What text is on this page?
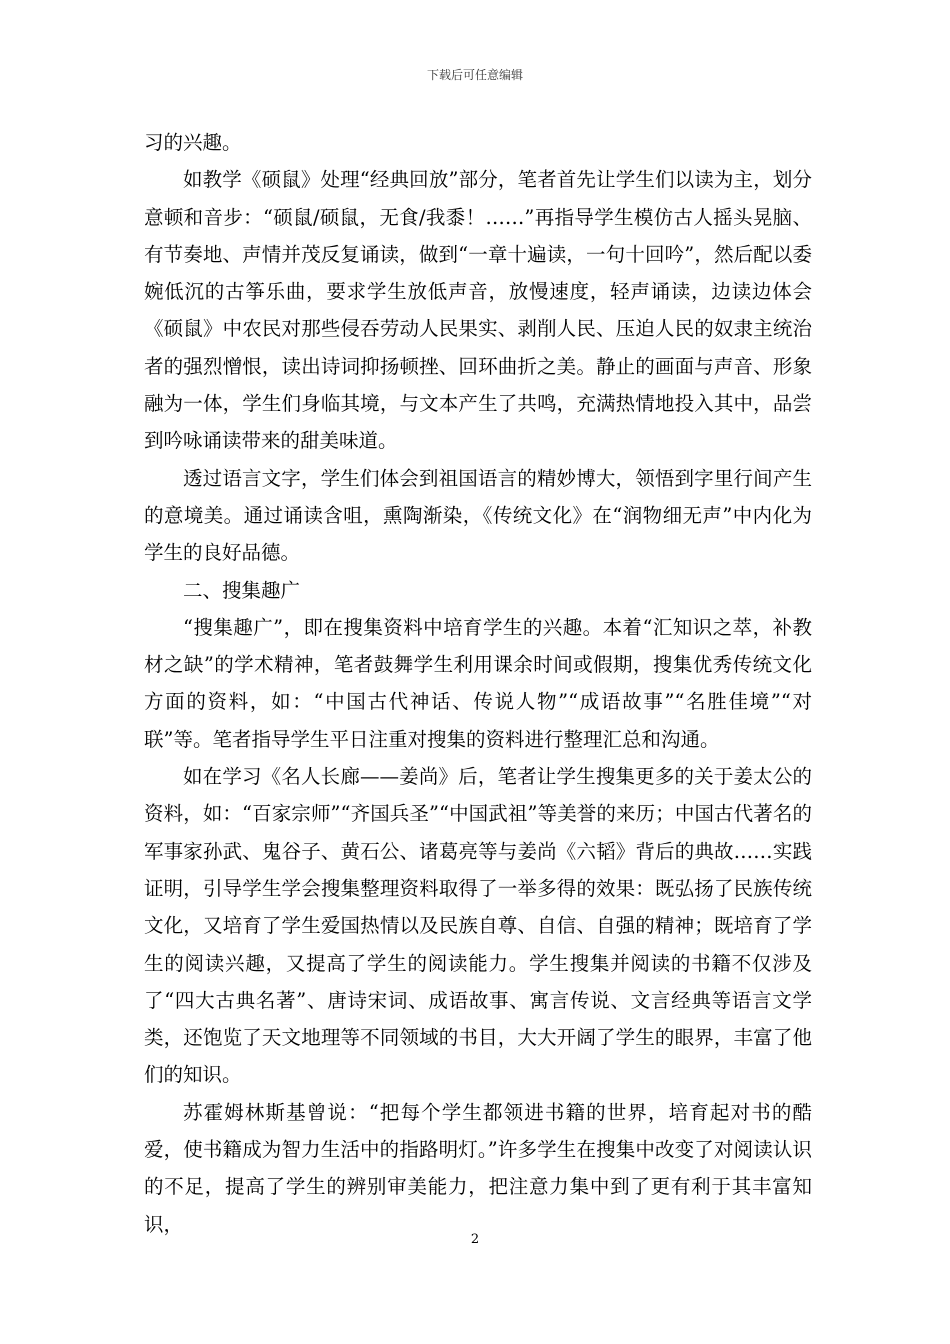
下载后可任意编辑

习的兴趣。

如教学《硕鼠》处理“经典回放”部分，笔者首先让学生们以读为主，划分意顿和音步：“硕鼠/硕鼠，无食/我黍！……”再指导学生模仿古人摇头晃脑、有节奏地、声情并茂反复诵读，做到“一章十遍读，一句十回吟”，然后配以委婉低沉的古筝乐曲，要求学生放低声音，放慢速度，轻声诵读，边读边体会《硕鼠》中农民对那些侵吞劳动人民果实、剥削人民、压迫人民的奴隶主统治者的强烈憎恨，读出诗词抑扬顿挫、回环曲折之美。静止的画面与声音、形象融为一体，学生们身临其境，与文本产生了共鸣，充满热情地投入其中，品尝到吟咏诵读带来的甜美味道。

透过语言文字，学生们体会到祖国语言的精妙博大，领悟到字里行间产生的意境美。通过诵读含咀，熏陶渐染，《传统文化》在“润物细无声”中内化为学生的良好品德。

二、搜集趣广

“搜集趣广”，即在搜集资料中培育学生的兴趣。本着“汇知识之萃，补教材之缺”的学术精神，笔者鼓舞学生利用课余时间或假期，搜集优秀传统文化方面的资料，如：“中国古代神话、传说人物”“成语故事”“名胜佳境”“对联”等。笔者指导学生平日注重对搜集的资料进行整理汇总和沟通。

如在学习《名人长廊——姜尚》后，笔者让学生搜集更多的关于姜太公的资料，如：“百家宗师”“齐国兵圣”“中国武祖”等美誉的来历；中国古代著名的军事家孙武、鬼谷子、黄石公、诸葛亮等与姜尚《六韬》背后的典故……实践证明，引导学生学会搜集整理资料取得了一举多得的效果：既弘扬了民族传统文化，又培育了学生爱国热情以及民族自尊、自信、自强的精神；既培育了学生的阅读兴趣，又提高了学生的阅读能力。学生搜集并阅读的书籍不仅涉及了“四大古典名著”、唐诗宋词、成语故事、寓言传说、文言经典等语言文学类，还饱览了天文地理等不同领域的书目，大大开阔了学生的眼界，丰富了他们的知识。

苏霍姆林斯基曾说：“把每个学生都领进书籍的世界，培育起对书的酷爱，使书籍成为智力生活中的指路明灯。”许多学生在搜集中改变了对阅读认识的不足，提高了学生的辨别审美能力，把注意力集中到了更有利于其丰富知识，

2
